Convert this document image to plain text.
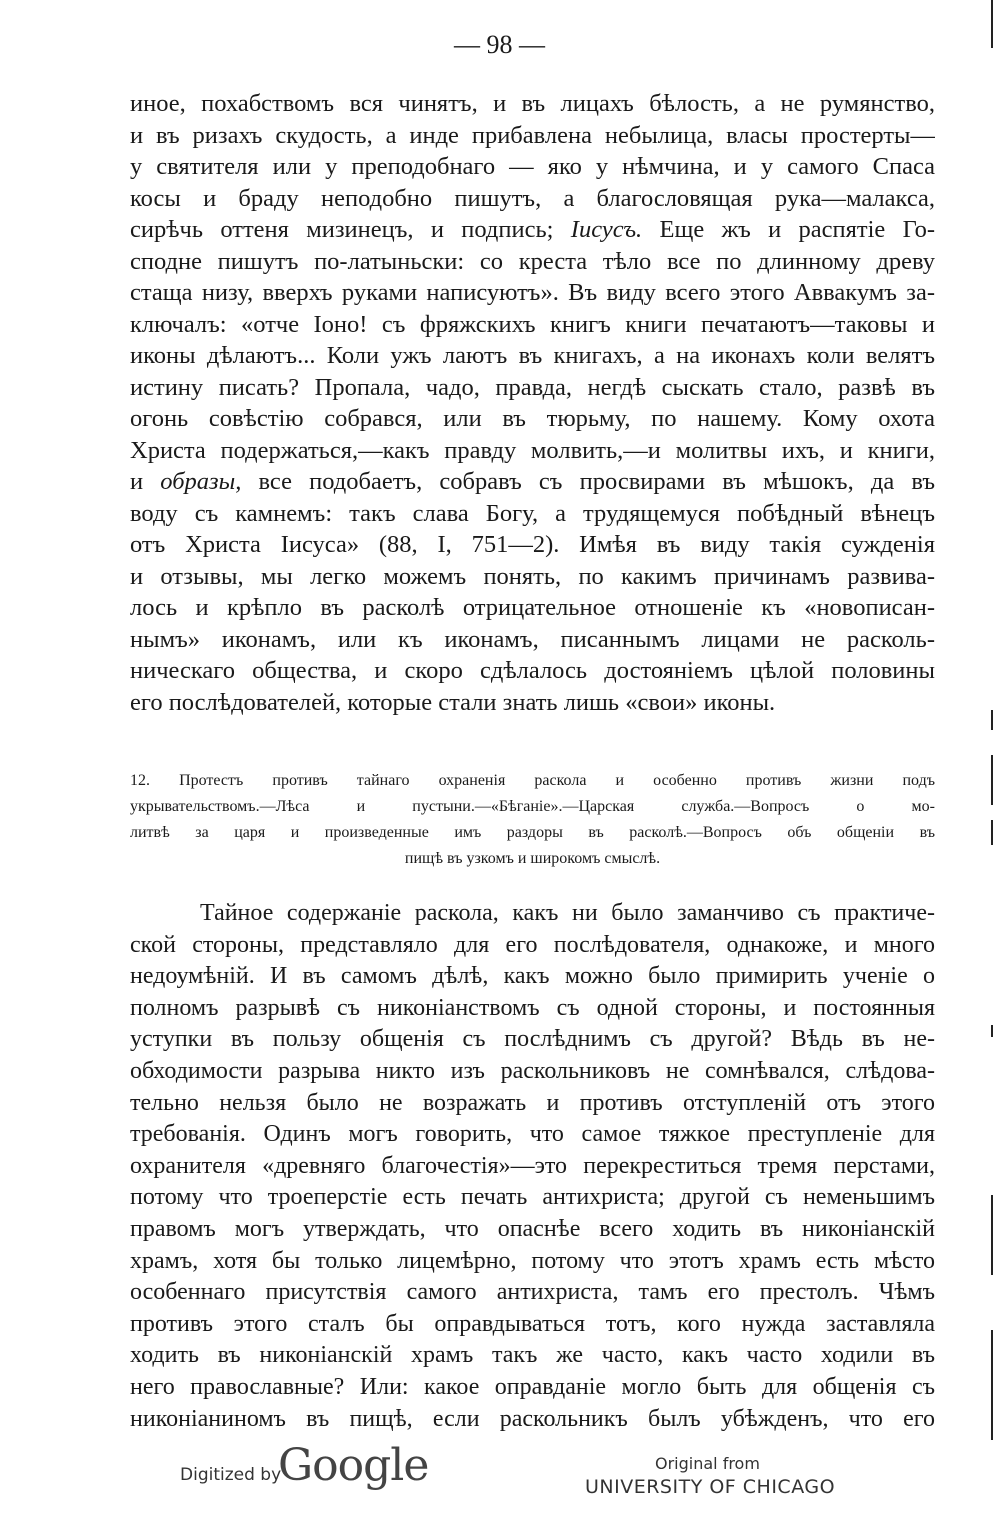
— 98 —
иное, похабствомъ вся чинятъ, и въ лицахъ бѣлость, а не румянство,
и въ ризахъ скудость, а инде прибавлена небылица, власы простерты—
у святителя или у преподобнаго — яко у нѣмчина, и у самого Спаса
косы и браду неподобно пишутъ, а благословящая рука—малакса,
сирѣчь оттеня мизинецъ, и подпись; Іисусъ. Еще жъ и распятіе Го-
сподне пишутъ по-латыньски: со креста тѣло все по длинному древу
стаща низу, вверхъ руками написуютъ». Въ виду всего этого Аввакумъ за-
ключалъ: «отче Іоно! съ фряжскихъ книгъ книги печатаютъ—таковы и
иконы дѣлаютъ... Коли ужъ лаютъ въ книгахъ, а на иконахъ коли велятъ
истину писать? Пропала, чадо, правда, негдѣ сыскать стало, развѣ въ
огонь совѣстію собрався, или въ тюрьму, по нашему. Кому охота
Христа подержаться,—какъ правду молвить,—и молитвы ихъ, и книги,
и образы, все подобаетъ, собравъ съ просвирами въ мѣшокъ, да въ
воду съ камнемъ: такъ слава Богу, а трудящемуся побѣдный вѣнецъ
отъ Христа Іисуса» (88, I, 751—2). Имѣя въ виду такія сужденія
и отзывы, мы легко можемъ понять, по какимъ причинамъ развива-
лось и крѣпло въ расколѣ отрицательное отношеніе къ «новописан-
нымъ» иконамъ, или къ иконамъ, писаннымъ лицами не расколь-
ническаго общества, и скоро сдѣлалось достояніемъ цѣлой половины
его послѣдователей, которые стали знать лишь «свои» иконы.
12. Протестъ противъ тайнаго охраненія раскола и особенно противъ жизни подъ
укрывательствомъ.—Лѣса и пустыни.—«Бѣганіе».—Царская служба.—Вопросъ о мо-
литвѣ за царя и произведенные имъ раздоры въ расколѣ.—Вопросъ объ общеніи въ
пищѣ въ узкомъ и широкомъ смыслѣ.
Тайное содержаніе раскола, какъ ни было заманчиво съ практиче-
ской стороны, представляло для его послѣдователя, однакоже, и много
недоумѣній. И въ самомъ дѣлѣ, какъ можно было примирить ученіе о
полномъ разрывѣ съ никоніанствомъ съ одной стороны, и постоянныя
уступки въ пользу общенія съ послѣднимъ съ другой? Вѣдь въ не-
обходимости разрыва никто изъ раскольниковъ не сомнѣвался, слѣдова-
тельно нельзя было не возражать и противъ отступленій отъ этого
требованія. Одинъ могъ говорить, что самое тяжкое преступленіе для
охранителя «древняго благочестія»—это перекреститься тремя перстами,
потому что троеперстіе есть печать антихриста; другой съ неменьшимъ
правомъ могъ утверждать, что опаснѣе всего ходить въ никоніанскій
храмъ, хотя бы только лицемѣрно, потому что этотъ храмъ есть мѣсто
особеннаго присутствія самого антихриста, тамъ его престолъ. Чѣмъ
противъ этого сталъ бы оправдываться тотъ, кого нужда заставляла
ходить въ никоніанскій храмъ такъ же часто, какъ часто ходили въ
него православные? Или: какое оправданіе могло быть для общенія съ
никоніаниномъ въ пищѣ, если раскольникъ былъ убѣжденъ, что его
Digitized by
Google	Original from
UNIVERSITY OF CHICAGO
